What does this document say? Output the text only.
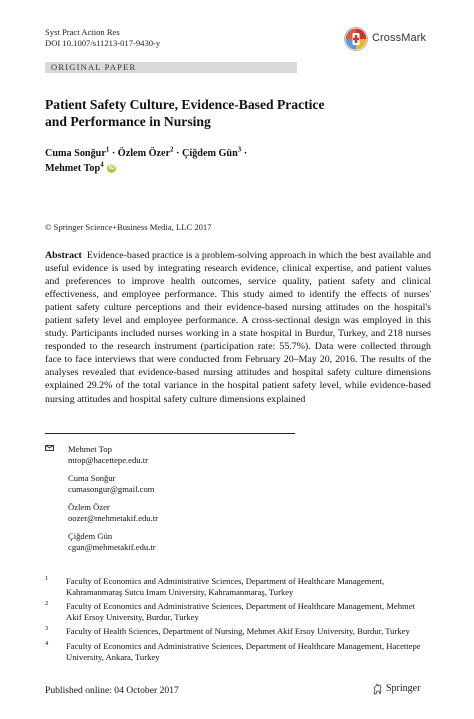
Syst Pract Action Res
DOI 10.1007/s11213-017-9430-y	CrossMark
ORIGINAL PAPER
Patient Safety Culture, Evidence-Based Practice
and Performance in Nursing
Cuma Sonğur$^1$ · Özlem Özer$^2$ · Çiğdem Gün$^3$ ·
Mehmet Top$^4$ iD
© Springer Science+Business Media, LLC 2017
Abstract Evidence-based practice is a problem-solving approach in which the best available and useful evidence is used by integrating research evidence, clinical expertise, and patient values and preferences to improve health outcomes, service quality, patient safety and clinical effectiveness, and employee performance. This study aimed to identify the effects of nurses' patient safety culture perceptions and their evidence-based nursing attitudes on the hospital's patient safety level and employee performance. A cross-sectional design was employed in this study. Participants included nurses working in a state hospital in Burdur, Turkey, and 218 nurses responded to the research instrument (participation rate: 55.7%). Data were collected through face to face interviews that were conducted from February 20–May 20, 2016. The results of the analyses revealed that evidence-based nursing attitudes and hospital safety culture dimensions explained 29.2% of the total variance in the hospital patient safety level, while evidence-based nursing attitudes and hospital safety culture dimensions explained
Mehmet Top
mtop@hacettepe.edu.tr
Cuma Sonğur
cumasongur@gmail.com
Özlem Özer
oozer@mehmetakif.edu.tr
Çiğdem Gün
cgun@mehmetakif.edu.tr
1 Faculty of Economics and Administrative Sciences, Department of Healthcare Management, Kahramanmaraş Sutcu Imam University, Kahramanmaraş, Turkey
2 Faculty of Economics and Administrative Sciences, Department of Healthcare Management, Mehmet Akif Ersoy University, Burdur, Turkey
3 Faculty of Health Sciences, Department of Nursing, Mehmet Akif Ersoy University, Burdur, Turkey
4 Faculty of Economics and Administrative Sciences, Department of Healthcare Management, Hacettepe University, Ankara, Turkey
Published online: 04 October 2017	Springer
